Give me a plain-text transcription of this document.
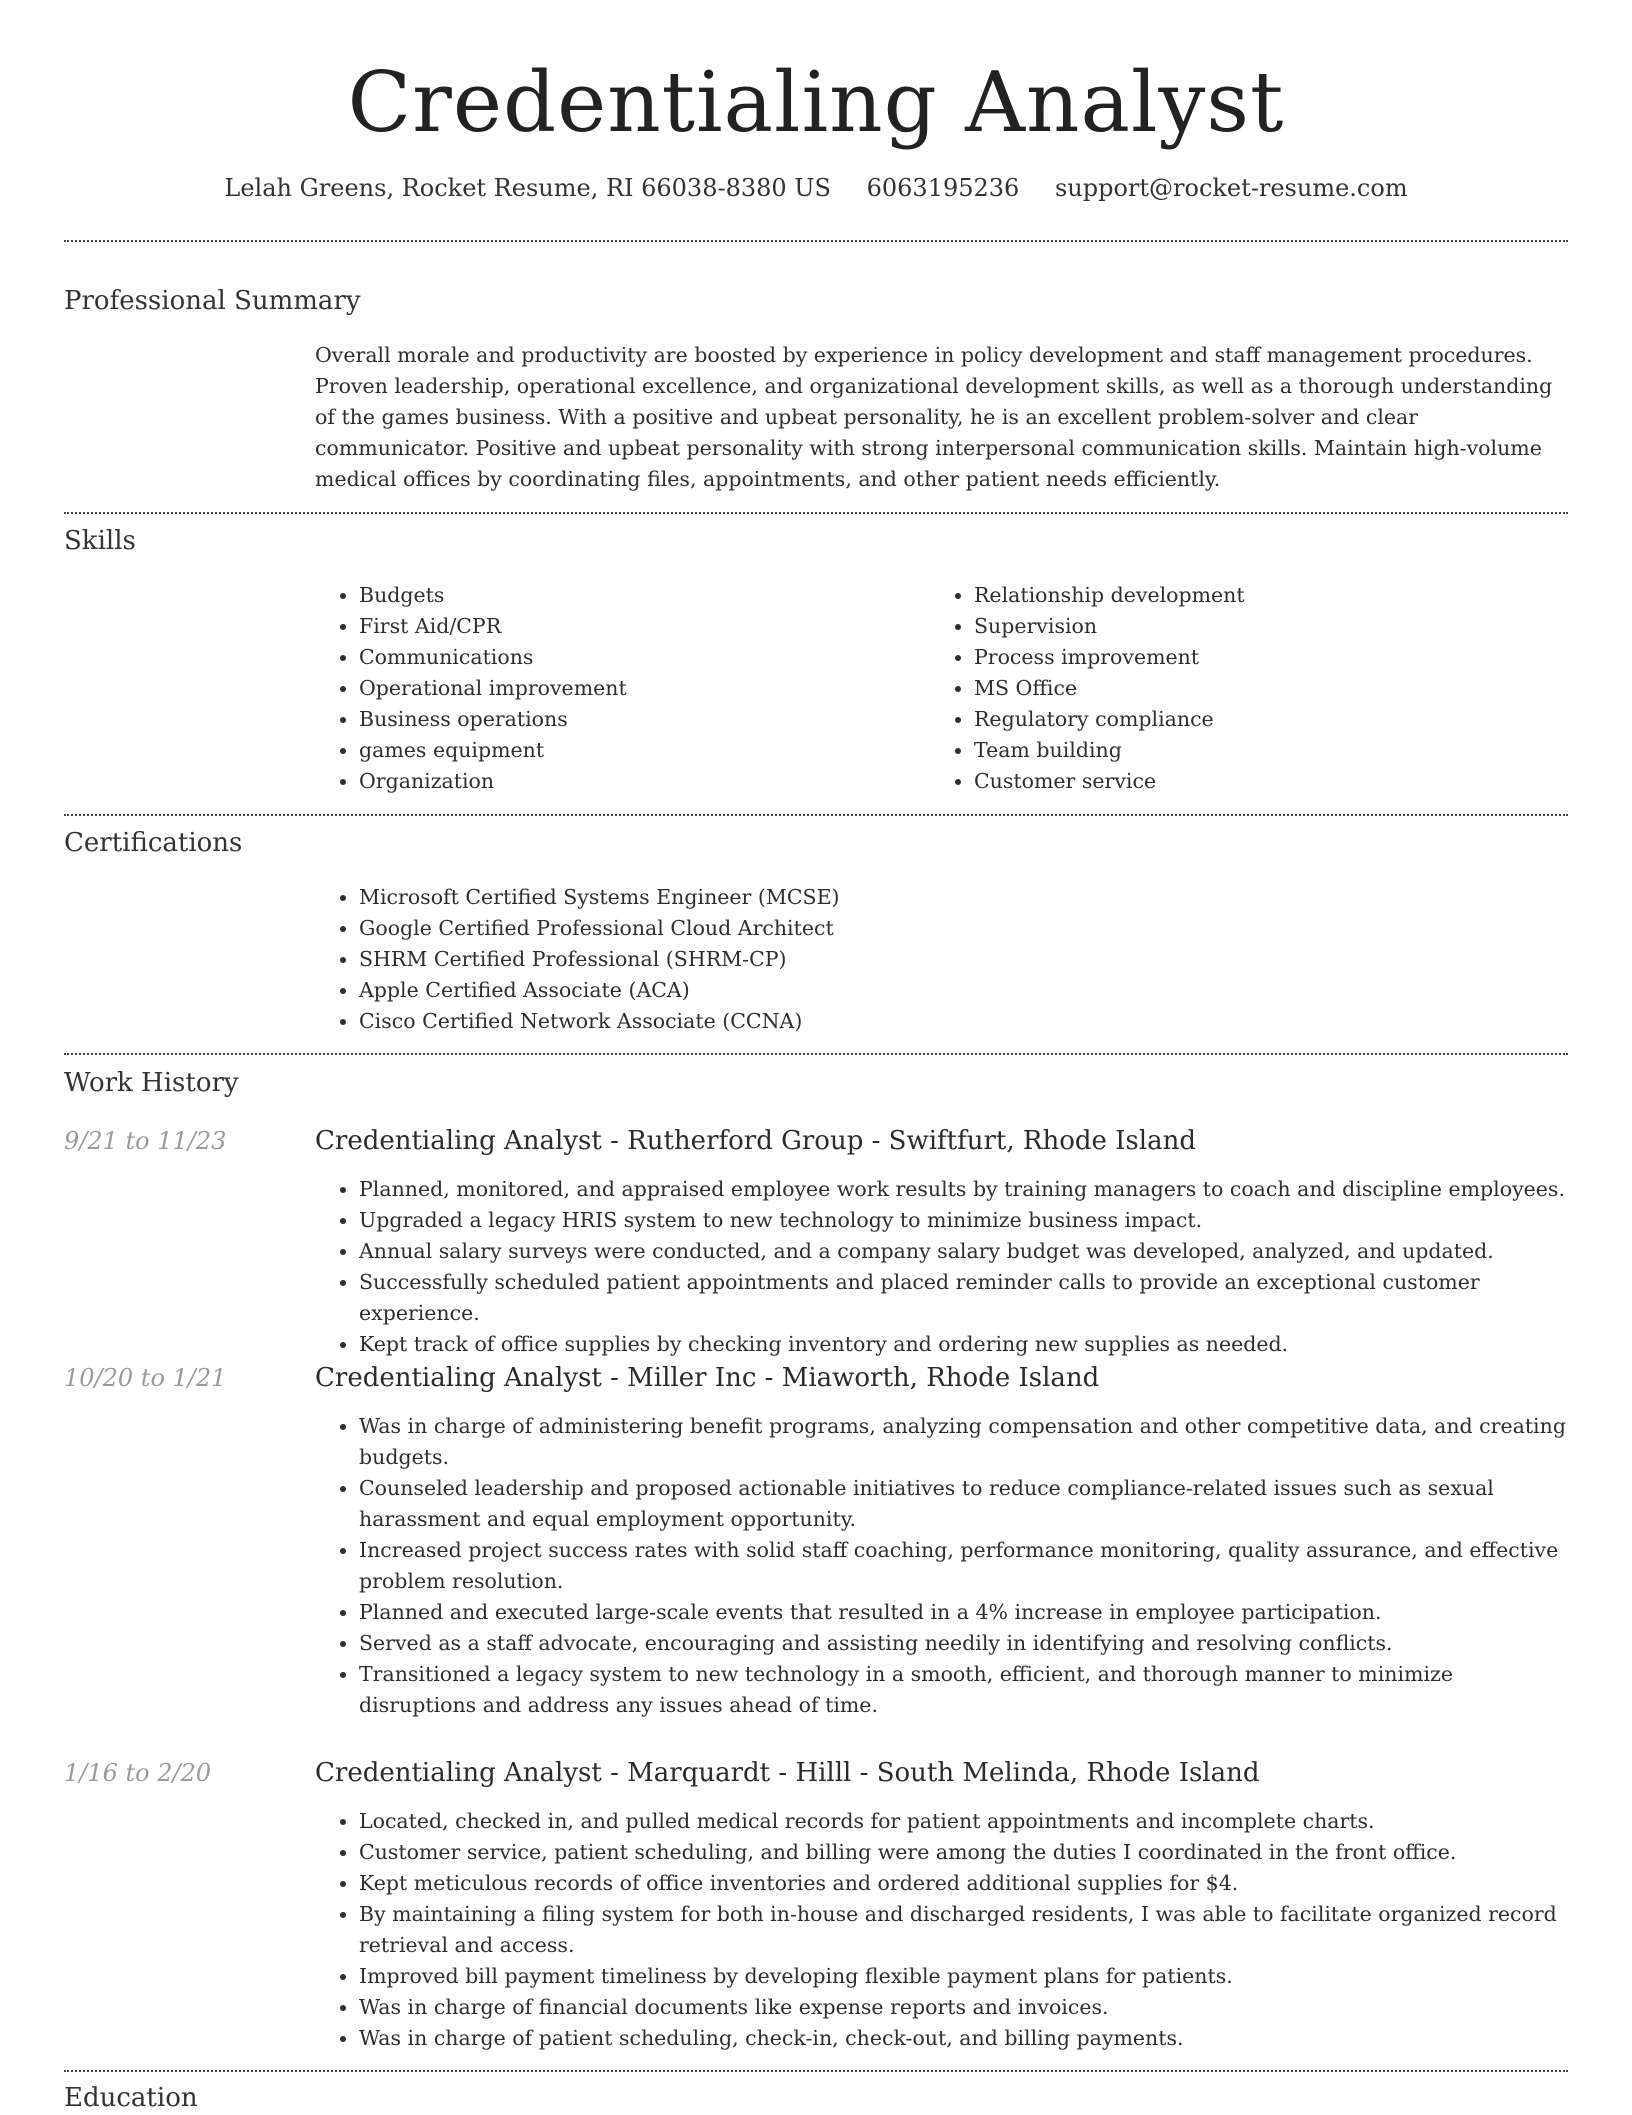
Credentialing Analyst
Lelah Greens, Rocket Resume, RI 66038-8380 US 6063195236 support@rocket-resume.com
Professional Summary
Overall morale and productivity are boosted by experience in policy development and staff management procedures. Proven leadership, operational excellence, and organizational development skills, as well as a thorough understanding of the games business. With a positive and upbeat personality, he is an excellent problem-solver and clear communicator. Positive and upbeat personality with strong interpersonal communication skills. Maintain high-volume medical offices by coordinating files, appointments, and other patient needs efficiently.
Skills
• Budgets
• First Aid/CPR
• Communications
• Operational improvement
• Business operations
• games equipment
• Organization
• Relationship development
• Supervision
• Process improvement
• MS Office
• Regulatory compliance
• Team building
• Customer service
Certifications
• Microsoft Certified Systems Engineer (MCSE)
• Google Certified Professional Cloud Architect
• SHRM Certified Professional (SHRM-CP)
• Apple Certified Associate (ACA)
• Cisco Certified Network Associate (CCNA)
Work History
9/21 to 11/23	Credentialing Analyst - Rutherford Group - Swiftfurt, Rhode Island
• Planned, monitored, and appraised employee work results by training managers to coach and discipline employees.
• Upgraded a legacy HRIS system to new technology to minimize business impact.
• Annual salary surveys were conducted, and a company salary budget was developed, analyzed, and updated.
• Successfully scheduled patient appointments and placed reminder calls to provide an exceptional customer experience.
• Kept track of office supplies by checking inventory and ordering new supplies as needed.
10/20 to 1/21	Credentialing Analyst - Miller Inc - Miaworth, Rhode Island
• Was in charge of administering benefit programs, analyzing compensation and other competitive data, and creating budgets.
• Counseled leadership and proposed actionable initiatives to reduce compliance-related issues such as sexual harassment and equal employment opportunity.
• Increased project success rates with solid staff coaching, performance monitoring, quality assurance, and effective problem resolution.
• Planned and executed large-scale events that resulted in a 4% increase in employee participation.
• Served as a staff advocate, encouraging and assisting needily in identifying and resolving conflicts.
• Transitioned a legacy system to new technology in a smooth, efficient, and thorough manner to minimize disruptions and address any issues ahead of time.
1/16 to 2/20	Credentialing Analyst - Marquardt - Hilll - South Melinda, Rhode Island
• Located, checked in, and pulled medical records for patient appointments and incomplete charts.
• Customer service, patient scheduling, and billing were among the duties I coordinated in the front office.
• Kept meticulous records of office inventories and ordered additional supplies for $4.
• By maintaining a filing system for both in-house and discharged residents, I was able to facilitate organized record retrieval and access.
• Improved bill payment timeliness by developing flexible payment plans for patients.
• Was in charge of financial documents like expense reports and invoices.
• Was in charge of patient scheduling, check-in, check-out, and billing payments.
Education
